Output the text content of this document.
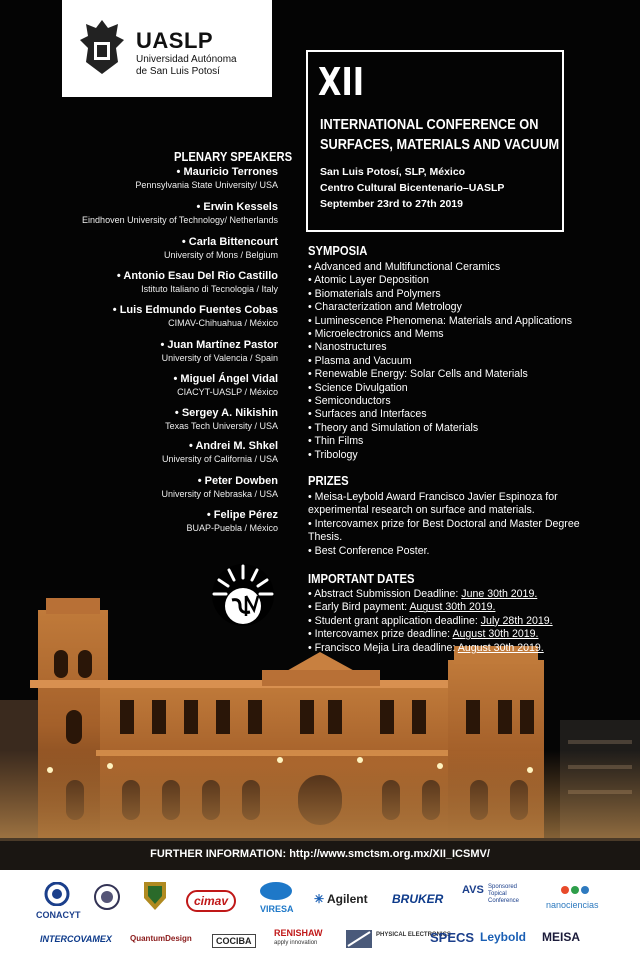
UASLP
Universidad Autónoma
de San Luis Potosí	XII
INTERNATIONAL CONFERENCE ON
SURFACES, MATERIALS AND VACUUM
San Luis Potosí, SLP, México
Centro Cultural Bicentenario–UASLP
September 23rd to 27th 2019
PLENARY SPEAKERS
• Mauricio Terrones
Pennsylvania State University/ USA
• Erwin Kessels
Eindhoven University of Technology/ Netherlands
• Carla Bittencourt
University of Mons / Belgium
• Antonio Esau Del Rio Castillo
Istituto Italiano di Tecnologia / Italy
• Luis Edmundo Fuentes Cobas
CIMAV-Chihuahua / México
• Juan Martínez Pastor
University of Valencia / Spain
• Miguel Ángel Vidal
CIACYT-UASLP / México
• Sergey A. Nikishin
Texas Tech University / USA
• Andrei M. Shkel
University of California / USA
• Peter Dowben
University of Nebraska / USA
• Felipe Pérez
BUAP-Puebla / México
SYMPOSIA
• Advanced and Multifunctional Ceramics
• Atomic Layer Deposition
• Biomaterials and Polymers
• Characterization and Metrology
• Luminescence Phenomena: Materials and Applications
• Microelectronics and Mems
• Nanostructures
• Plasma and Vacuum
• Renewable Energy: Solar Cells and Materials
• Science Divulgation
• Semiconductors
• Surfaces and Interfaces
• Theory and Simulation of Materials
• Thin Films
• Tribology
PRIZES
• Meisa-Leybold Award Francisco Javier Espinoza for experimental research on surface and materials.
• Intercovamex prize for Best Doctoral and Master Degree Thesis.
• Best Conference Poster.
IMPORTANT DATES
• Abstract Submission Deadline: June 30th 2019.
• Early Bird payment: August 30th 2019.
• Student grant application deadline: July 28th 2019.
• Intercovamex prize deadline: August 30th 2019.
• Francisco Mejia Lira deadline: August 30th 2019.
FURTHER INFORMATION: http://www.smctsm.org.mx/XII_ICSMV/
CONACYT
cimav
VIRESA
✳ Agilent BRUKER
AVS Sponsored
Topical
Conference	nanociencias
INTERCOVAMEX QuantumDesign	COCIBA
RENISHAW
apply innovation
PHYSICAL ELECTRONICS
SPECS Leybold MEISA
